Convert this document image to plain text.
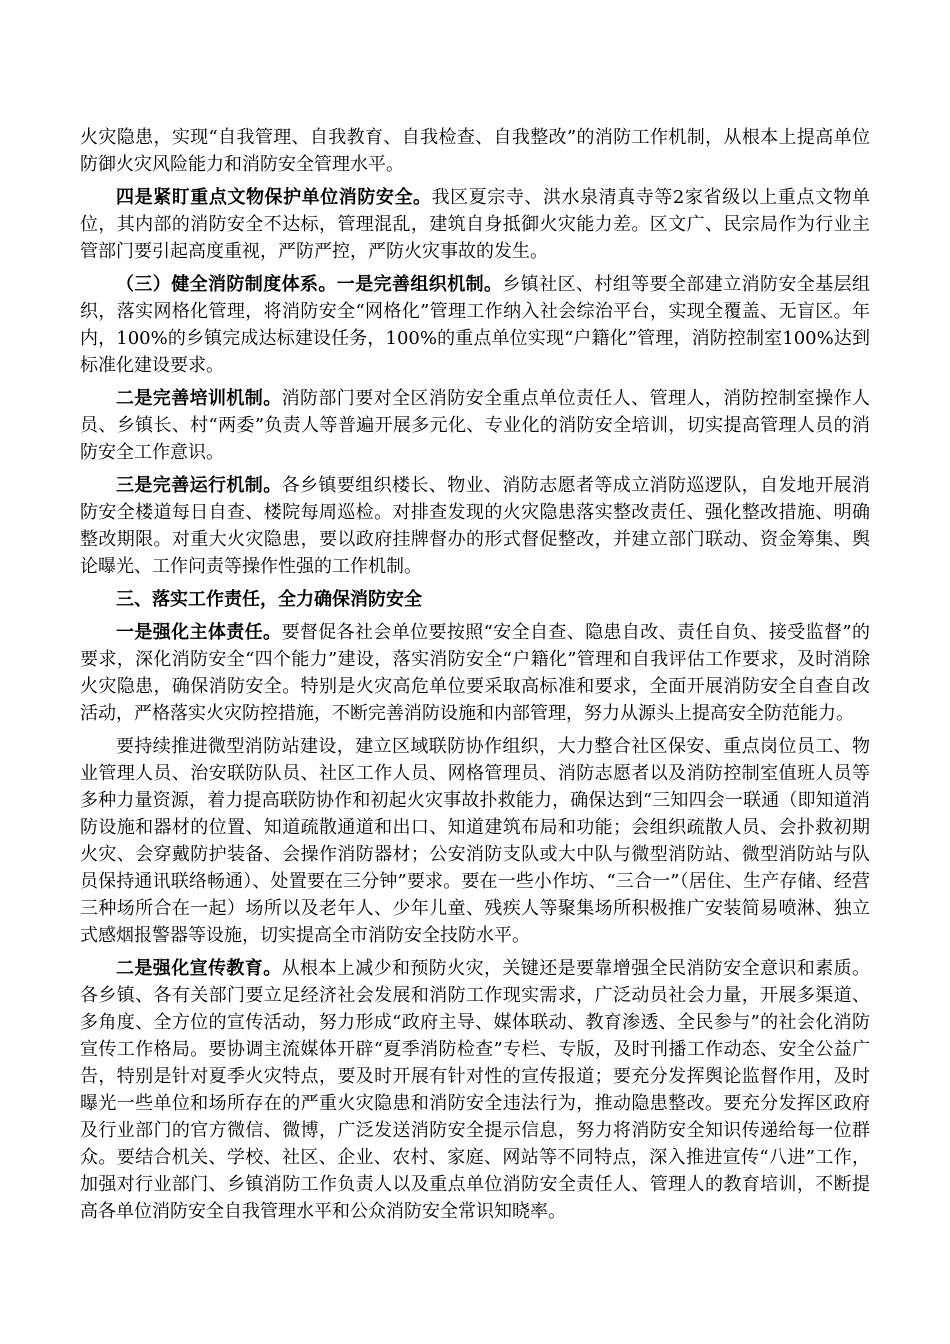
火灾隐患，实现“自我管理、自我教育、自我检查、自我整改”的消防工作机制，从根本上提高单位防御火灾风险能力和消防安全管理水平。

四是紧盯重点文物保护单位消防安全。我区夏宗寺、洪水泉清真寺等2家省级以上重点文物单位，其内部的消防安全不达标，管理混乱，建筑自身抵御火灾能力差。区文广、民宗局作为行业主管部门要引起高度重视，严防严控，严防火灾事故的发生。

（三）健全消防制度体系。一是完善组织机制。乡镇社区、村组等要全部建立消防安全基层组织，落实网格化管理，将消防安全“网格化”管理工作纳入社会综治平台，实现全覆盖、无盲区。年内，100%的乡镇完成达标建设任务，100%的重点单位实现“户籍化”管理，消防控制室100%达到标准化建设要求。

二是完善培训机制。消防部门要对全区消防安全重点单位责任人、管理人，消防控制室操作人员、乡镇长、村“两委”负责人等普遍开展多元化、专业化的消防安全培训，切实提高管理人员的消防安全工作意识。

三是完善运行机制。各乡镇要组织楼长、物业、消防志愿者等成立消防巡逻队，自发地开展消防安全楼道每日自查、楼院每周巡检。对排查发现的火灾隐患落实整改责任、强化整改措施、明确整改期限。对重大火灾隐患，要以政府挂牌督办的形式督促整改，并建立部门联动、资金筹集、舆论曝光、工作问责等操作性强的工作机制。

三、落实工作责任，全力确保消防安全

一是强化主体责任。要督促各社会单位要按照“安全自查、隐患自改、责任自负、接受监督”的要求，深化消防安全“四个能力”建设，落实消防安全“户籍化”管理和自我评估工作要求，及时消除火灾隐患，确保消防安全。特别是火灾高危单位要采取高标准和要求，全面开展消防安全自查自改活动，严格落实火灾防控措施，不断完善消防设施和内部管理，努力从源头上提高安全防范能力。

要持续推进微型消防站建设，建立区域联防协作组织，大力整合社区保安、重点岗位员工、物业管理人员、治安联防队员、社区工作人员、网格管理员、消防志愿者以及消防控制室值班人员等多种力量资源，着力提高联防协作和初起火灾事故扑救能力，确保达到“三知四会一联通（即知道消防设施和器材的位置、知道疏散通道和出口、知道建筑布局和功能；会组织疏散人员、会扑救初期火灾、会穿戴防护装备、会操作消防器材；公安消防支队或大中队与微型消防站、微型消防站与队员保持通讯联络畅通）、处置要在三分钟”要求。要在一些小作坊、“三合一”（居住、生产存储、经营三种场所合在一起）场所以及老年人、少年儿童、残疾人等聚集场所积极推广安装简易喷淋、独立式感烟报警器等设施，切实提高全市消防安全技防水平。

二是强化宣传教育。从根本上减少和预防火灾，关键还是要靠增强全民消防安全意识和素质。各乡镇、各有关部门要立足经济社会发展和消防工作现实需求，广泛动员社会力量，开展多渠道、多角度、全方位的宣传活动，努力形成“政府主导、媒体联动、教育渗透、全民参与”的社会化消防宣传工作格局。要协调主流媒体开辟“夏季消防检查”专栏、专版，及时刊播工作动态、安全公益广告，特别是针对夏季火灾特点，要及时开展有针对性的宣传报道；要充分发挥舆论监督作用，及时曝光一些单位和场所存在的严重火灾隐患和消防安全违法行为，推动隐患整改。要充分发挥区政府及行业部门的官方微信、微博，广泛发送消防安全提示信息，努力将消防安全知识传递给每一位群众。要结合机关、学校、社区、企业、农村、家庭、网站等不同特点，深入推进宣传“八进”工作，加强对行业部门、乡镇消防工作负责人以及重点单位消防安全责任人、管理人的教育培训，不断提高各单位消防安全自我管理水平和公众消防安全常识知晓率。
